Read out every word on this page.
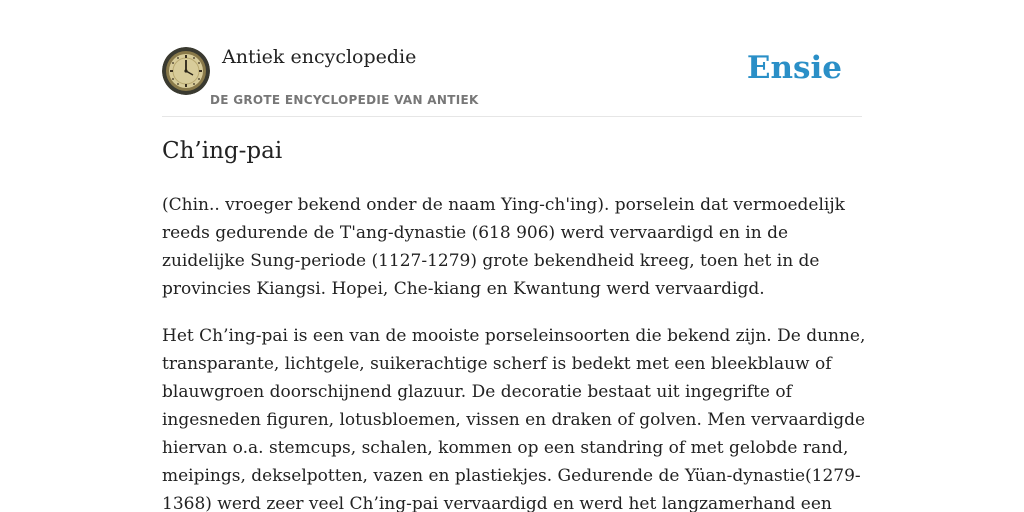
Antiek encyclopedie
DE GROTE ENCYCLOPEDIE VAN ANTIEK
Ensie
Ch’ing-pai

(Chin.. vroeger bekend onder de naam Ying-ch'ing). porselein dat vermoedelijk reeds gedurende de T'ang-dynastie (618 906) werd vervaardigd en in de zuidelijke Sung-periode (1127-1279) grote bekendheid kreeg, toen het in de provincies Kiangsi. Hopei, Che-kiang en Kwantung werd vervaardigd.

Het Ch’ing-pai is een van de mooiste porseleinsoorten die bekend zijn. De dunne, transparante, lichtgele, suikerachtige scherf is bedekt met een bleekblauw of blauwgroen doorschijnend glazuur. De decoratie bestaat uit ingegrifte of ingesneden figuren, lotusbloemen, vissen en draken of golven. Men vervaardigde hiervan o.a. stemcups, schalen, kommen op een standring of met gelobde rand, meipings, dekselpotten, vazen en plastiekjes. Gedurende de Yüan-dynastie(1279-1368) werd zeer veel Ch’ing-pai vervaardigd en werd het langzamerhand een
